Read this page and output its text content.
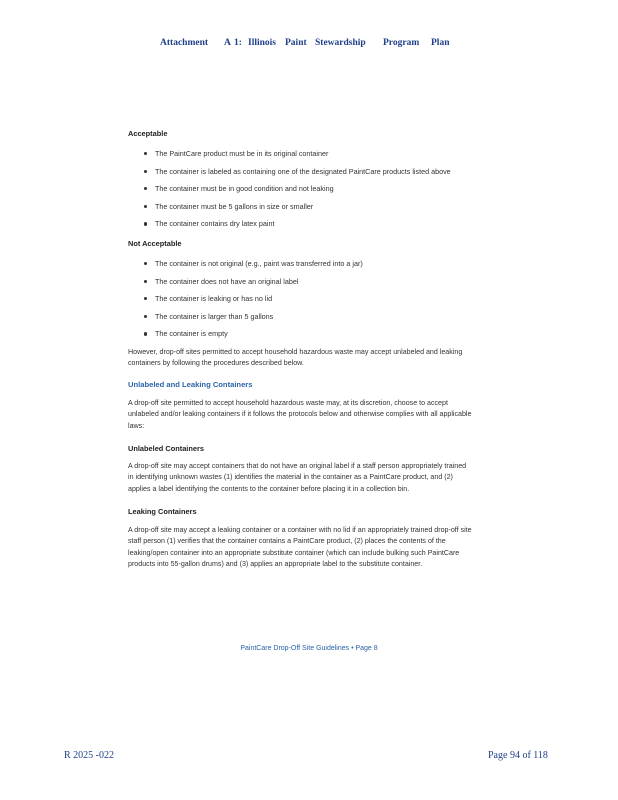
Attachment A 1: Illinois Paint Stewardship Program Plan
Acceptable
The PaintCare product must be in its original container
The container is labeled as containing one of the designated PaintCare products listed above
The container must be in good condition and not leaking
The container must be 5 gallons in size or smaller
The container contains dry latex paint
Not Acceptable
The container is not original (e.g., paint was transferred into a jar)
The container does not have an original label
The container is leaking or has no lid
The container is larger than 5 gallons
The container is empty
However, drop-off sites permitted to accept household hazardous waste may accept unlabeled and leaking containers by following the procedures described below.
Unlabeled and Leaking Containers
A drop-off site permitted to accept household hazardous waste may, at its discretion, choose to accept unlabeled and/or leaking containers if it follows the protocols below and otherwise complies with all applicable laws:
Unlabeled Containers
A drop-off site may accept containers that do not have an original label if a staff person appropriately trained in identifying unknown wastes (1) identifies the material in the container as a PaintCare product, and (2) applies a label identifying the contents to the container before placing it in a collection bin.
Leaking Containers
A drop-off site may accept a leaking container or a container with no lid if an appropriately trained drop-off site staff person (1) verifies that the container contains a PaintCare product, (2) places the contents of the leaking/open container into an appropriate substitute container (which can include bulking such PaintCare products into 55-gallon drums) and (3) applies an appropriate label to the substitute container.
PaintCare Drop-Off Site Guidelines • Page 8
R 2025 -022	Page 94 of 118
